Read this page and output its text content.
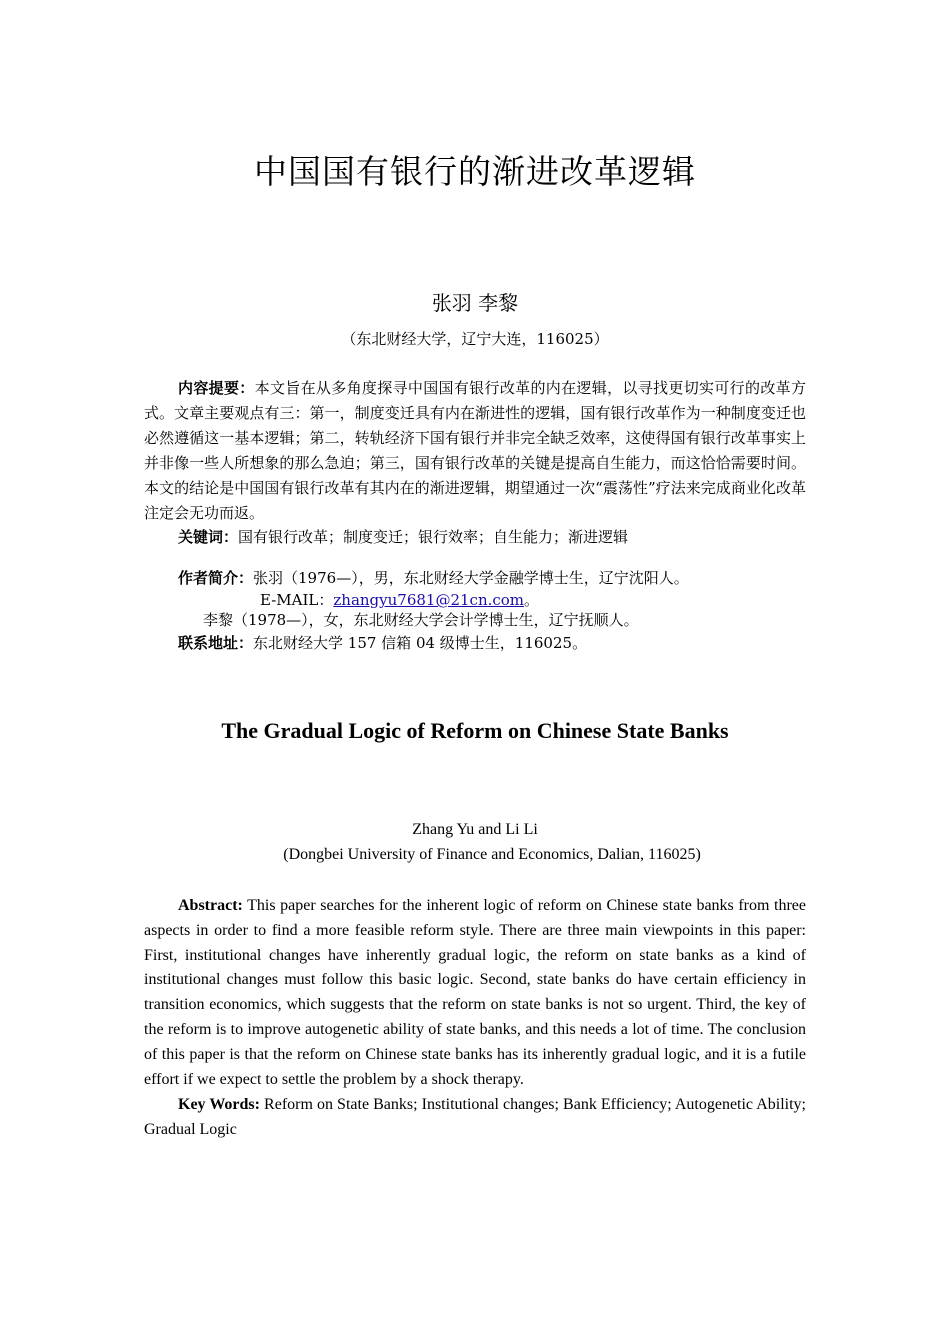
中国国有银行的渐进改革逻辑
张羽 李黎
（东北财经大学，辽宁大连，116025）

内容提要：本文旨在从多角度探寻中国国有银行改革的内在逻辑，以寻找更切实可行的改革方式。文章主要观点有三：第一，制度变迁具有内在渐进性的逻辑，国有银行改革作为一种制度变迁也必然遵循这一基本逻辑；第二，转轨经济下国有银行并非完全缺乏效率，这使得国有银行改革事实上并非像一些人所想象的那么急迫；第三，国有银行改革的关键是提高自生能力，而这恰恰需要时间。本文的结论是中国国有银行改革有其内在的渐进逻辑，期望通过一次“震荡性”疗法来完成商业化改革注定会无功而返。

关键词：国有银行改革；制度变迁；银行效率；自生能力；渐进逻辑

作者简介：张羽（1976—），男，东北财经大学金融学博士生，辽宁沈阳人。

E-MAIL：zhangyu7681@21cn.com。

李黎（1978—），女，东北财经大学会计学博士生，辽宁抚顺人。

联系地址：东北财经大学 157 信箱 04 级博士生，116025。

The Gradual Logic of Reform on Chinese State Banks
Zhang Yu and Li Li
(Dongbei University of Finance and Economics, Dalian, 116025)

Abstract: This paper searches for the inherent logic of reform on Chinese state banks from three aspects in order to find a more feasible reform style. There are three main viewpoints in this paper: First, institutional changes have inherently gradual logic, the reform on state banks as a kind of institutional changes must follow this basic logic. Second, state banks do have certain efficiency in transition economics, which suggests that the reform on state banks is not so urgent. Third, the key of the reform is to improve autogenetic ability of state banks, and this needs a lot of time. The conclusion of this paper is that the reform on Chinese state banks has its inherently gradual logic, and it is a futile effort if we expect to settle the problem by a shock therapy.

Key Words: Reform on State Banks; Institutional changes; Bank Efficiency; Autogenetic Ability; Gradual Logic
